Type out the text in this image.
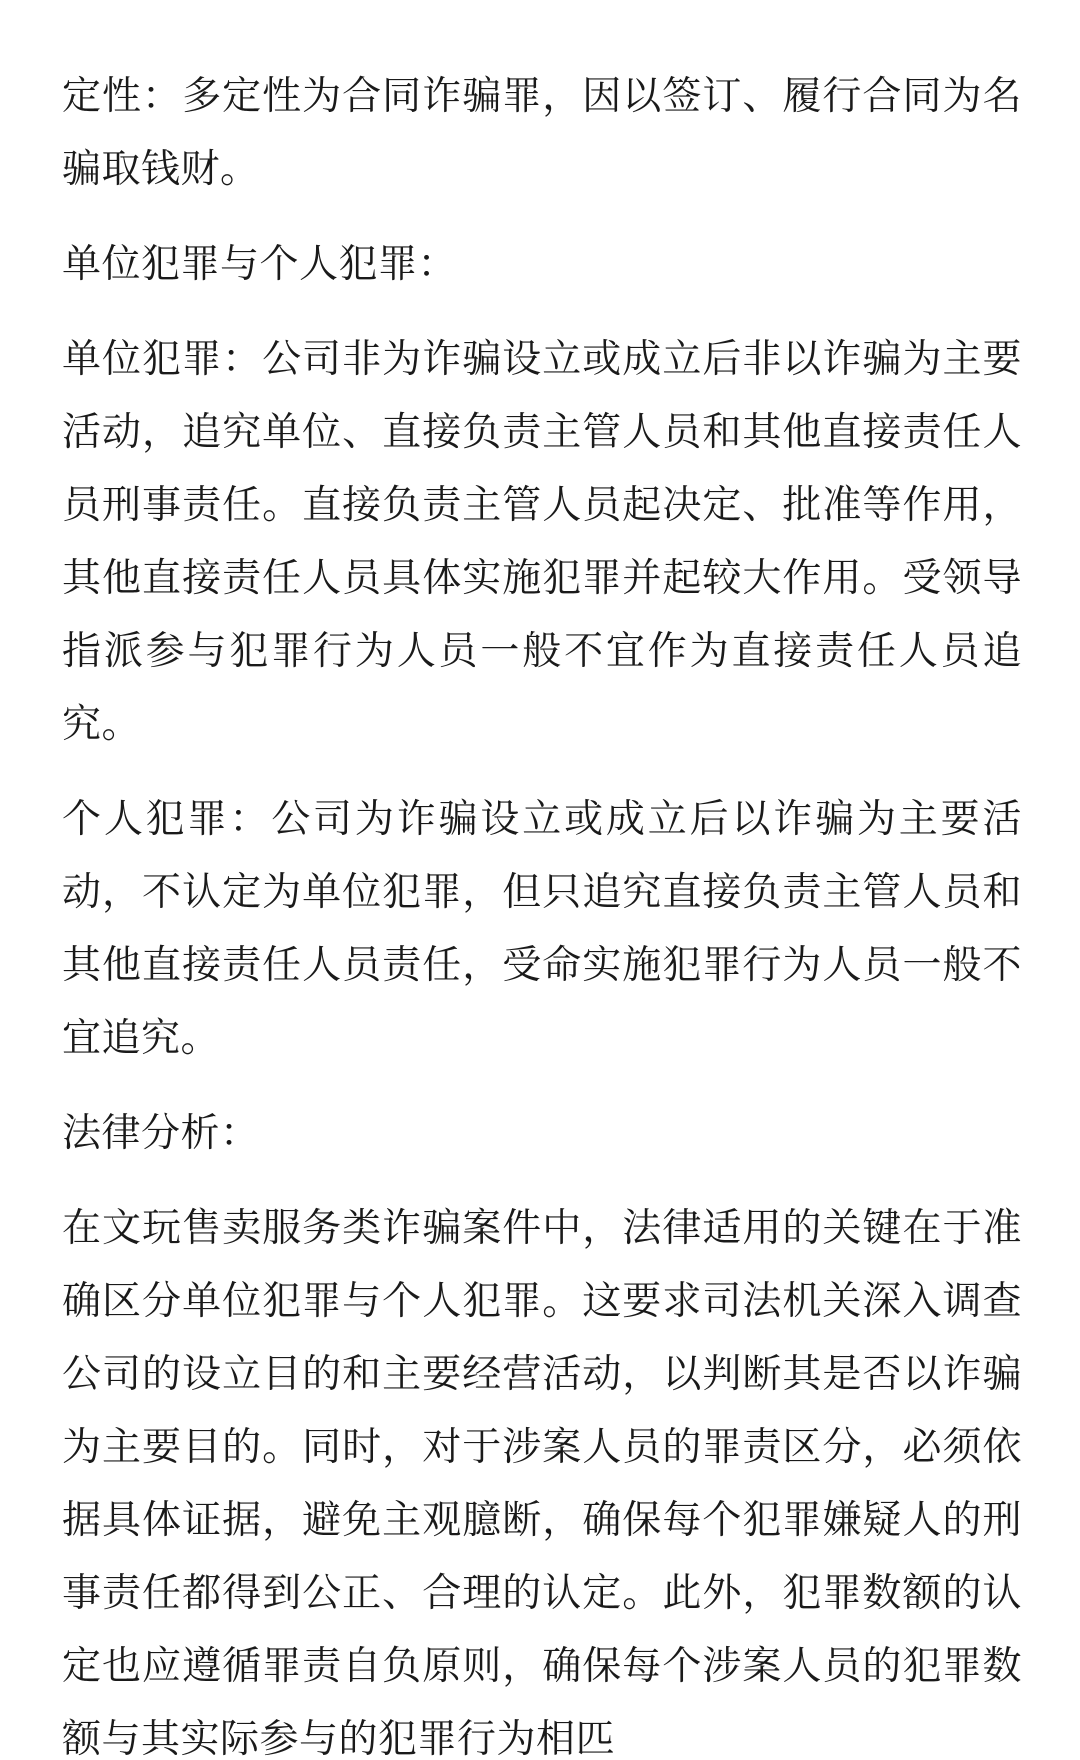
定性：多定性为合同诈骗罪，因以签订、履行合同为名骗取钱财。

单位犯罪与个人犯罪：

单位犯罪：公司非为诈骗设立或成立后非以诈骗为主要活动，追究单位、直接负责主管人员和其他直接责任人员刑事责任。直接负责主管人员起决定、批准等作用，其他直接责任人员具体实施犯罪并起较大作用。受领导指派参与犯罪行为人员一般不宜作为直接责任人员追究。

个人犯罪：公司为诈骗设立或成立后以诈骗为主要活动，不认定为单位犯罪，但只追究直接负责主管人员和其他直接责任人员责任，受命实施犯罪行为人员一般不宜追究。

法律分析：

在文玩售卖服务类诈骗案件中，法律适用的关键在于准确区分单位犯罪与个人犯罪。这要求司法机关深入调查公司的设立目的和主要经营活动，以判断其是否以诈骗为主要目的。同时，对于涉案人员的罪责区分，必须依据具体证据，避免主观臆断，确保每个犯罪嫌疑人的刑事责任都得到公正、合理的认定。此外，犯罪数额的认定也应遵循罪责自负原则，确保每个涉案人员的犯罪数额与其实际参与的犯罪行为相匹
